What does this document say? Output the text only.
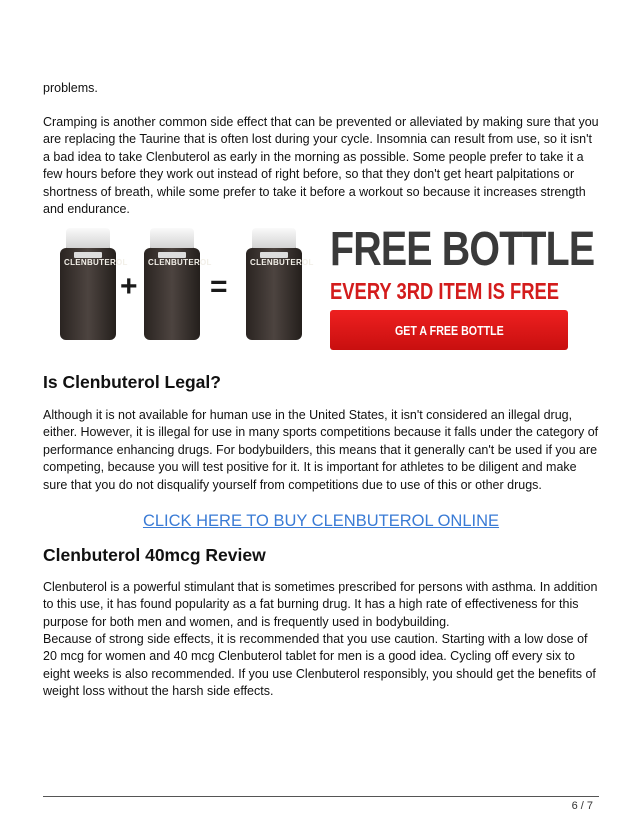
problems.

Cramping is another common side effect that can be prevented or alleviated by making sure that you are replacing the Taurine that is often lost during your cycle. Insomnia can result from use, so it isn't a bad idea to take Clenbuterol as early in the morning as possible. Some people prefer to take it a few hours before they work out instead of right before, so that they don't get heart palpitations or shortness of breath, while some prefer to take it before a workout so because it increases strength and endurance.

Is Clenbuterol Legal?

Although it is not available for human use in the United States, it isn't considered an illegal drug, either. However, it is illegal for use in many sports competitions because it falls under the category of performance enhancing drugs. For bodybuilders, this means that it generally can't be used if you are competing, because you will test positive for it. It is important for athletes to be diligent and make sure that you do not disqualify yourself from competitions due to use of this or other drugs.

CLICK HERE TO BUY CLENBUTEROL ONLINE
Clenbuterol 40mcg Review

Clenbuterol is a powerful stimulant that is sometimes prescribed for persons with asthma. In addition to this use, it has found popularity as a fat burning drug. It has a high rate of effectiveness for this purpose for both men and women, and is frequently used in bodybuilding.

Because of strong side effects, it is recommended that you use caution. Starting with a low dose of 20 mcg for women and 40 mcg Clenbuterol tablet for men is a good idea. Cycling off every six to eight weeks is also recommended. If you use Clenbuterol responsibly, you should get the benefits of weight loss without the harsh side effects.

CLENBUTEROL
+
CLENBUTEROL
=
CLENBUTEROL FREE BOTTLE
EVERY 3RD ITEM IS FREE
GET A FREE BOTTLE
6 / 7
